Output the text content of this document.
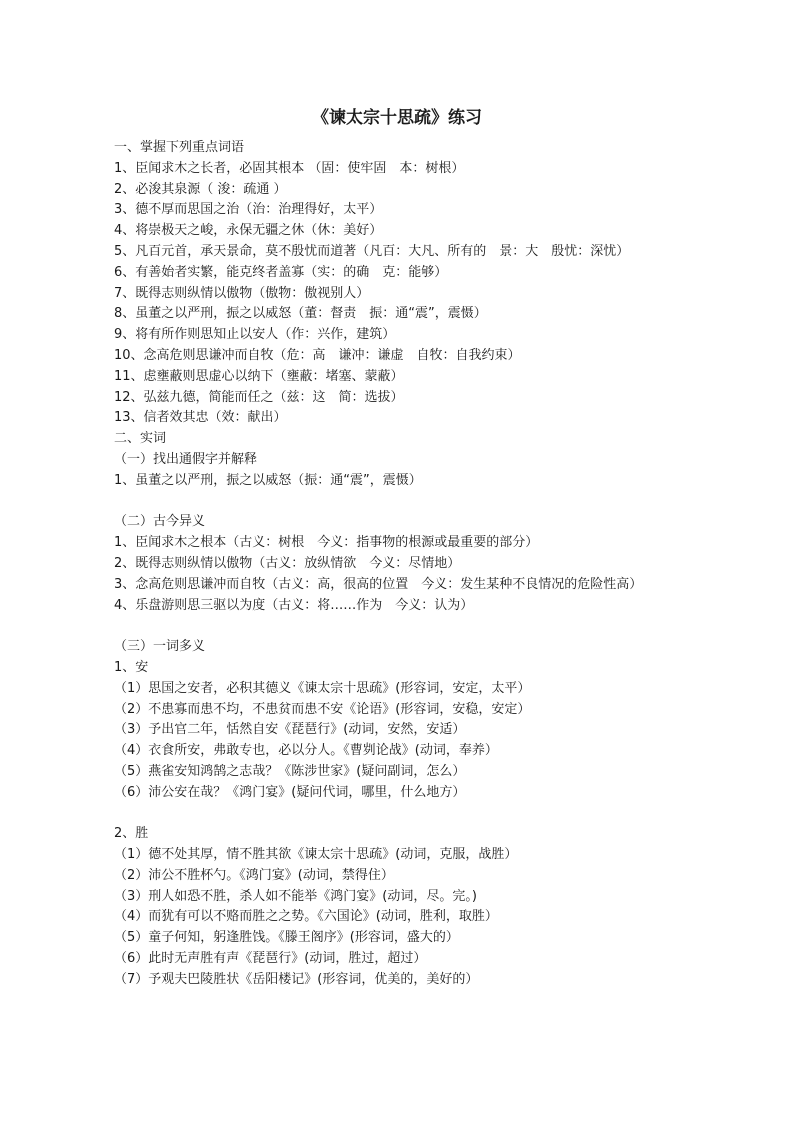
《谏太宗十思疏》练习
一、掌握下列重点词语
1、臣闻求木之长者，必固其根本 （固：使牢固　本：树根）
2、必浚其泉源（ 浚：疏通 ）
3、德不厚而思国之治（治：治理得好，太平）
4、将崇极天之峻，永保无疆之休（休：美好）
5、凡百元首，承天景命，莫不殷忧而道著（凡百：大凡、所有的　景：大　殷忧：深忧）
6、有善始者实繁，能克终者盖寡（实：的确　克：能够）
7、既得志则纵情以傲物（傲物：傲视别人）
8、虽董之以严刑，振之以威怒（董：督责　振：通“震”，震慑）
9、将有所作则思知止以安人（作：兴作，建筑）
10、念高危则思谦冲而自牧（危：高　谦冲：谦虚　自牧：自我约束）
11、虑壅蔽则思虚心以纳下（壅蔽：堵塞、蒙蔽）
12、弘兹九德，简能而任之（兹：这　简：选拔）
13、信者效其忠（效：献出）
二、实词
（一）找出通假字并解释
1、虽董之以严刑，振之以威怒（振：通“震”，震慑）
（二）古今异义
1、臣闻求木之根本（古义：树根　今义：指事物的根源或最重要的部分）
2、既得志则纵情以傲物（古义：放纵情欲　今义：尽情地）
3、念高危则思谦冲而自牧（古义：高，很高的位置　今义：发生某种不良情况的危险性高）
4、乐盘游则思三驱以为度（古义：将……作为　今义：认为）
（三）一词多义
1、安
（1）思国之安者，必积其德义《谏太宗十思疏》(形容词，安定，太平）
（2）不患寡而患不均，不患贫而患不安《论语》(形容词，安稳，安定）
（3）予出官二年，恬然自安《琵琶行》(动词，安然，安适）
（4）衣食所安，弗敢专也，必以分人。《曹刿论战》(动词，奉养）
（5）燕雀安知鸿鹄之志哉？《陈涉世家》(疑问副词，怎么）
（6）沛公安在哉？《鸿门宴》(疑问代词，哪里，什么地方）
2、胜
（1）德不处其厚，情不胜其欲《谏太宗十思疏》(动词，克服，战胜）
（2）沛公不胜杯勺。《鸿门宴》(动词，禁得住）
（3）刑人如恐不胜，杀人如不能举《鸿门宴》(动词，尽。完。)
（4）而犹有可以不赂而胜之之势。《六国论》(动词，胜利，取胜）
（5）童子何知，躬逢胜饯。《滕王阁序》(形容词，盛大的）
（6）此时无声胜有声《琵琶行》(动词，胜过，超过）
（7）予观夫巴陵胜状《岳阳楼记》(形容词，优美的，美好的）
